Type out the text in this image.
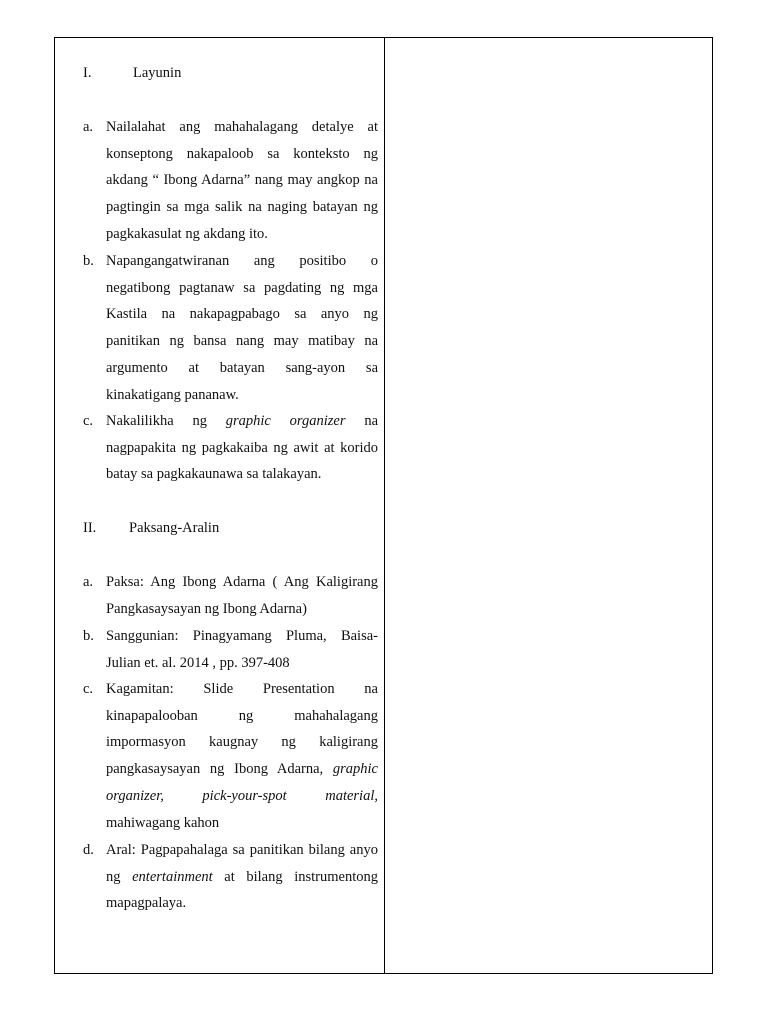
I.	Layunin
a. Nailalahat ang mahahalagang detalye at konseptong nakapaloob sa konteksto ng akdang “ Ibong Adarna” nang may angkop na pagtingin sa mga salik na naging batayan ng pagkakasulat ng akdang ito.
b. Napangangatwiranan ang positibo o negatibong pagtanaw sa pagdating ng mga Kastila na nakapagpabago sa anyo ng panitikan ng bansa nang may matibay na argumento at batayan sang-ayon sa kinakatigang pananaw.
c. Nakalilikha ng graphic organizer na nagpapakita ng pagkakaiba ng awit at korido batay sa pagkakaunawa sa talakayan.
II. Paksang-Aralin
a. Paksa: Ang Ibong Adarna ( Ang Kaligirang Pangkasaysayan ng Ibong Adarna)
b. Sanggunian: Pinagyamang Pluma, Baisa-Julian et. al. 2014 , pp. 397-408
c. Kagamitan: Slide Presentation na kinapapalooban ng mahahalagang impormasyon kaugnay ng kaligirang pangkasaysayan ng Ibong Adarna, graphic organizer, pick-your-spot material, mahiwagang kahon
d. Aral: Pagpapahalaga sa panitikan bilang anyo ng entertainment at bilang instrumentong mapagpalaya.
